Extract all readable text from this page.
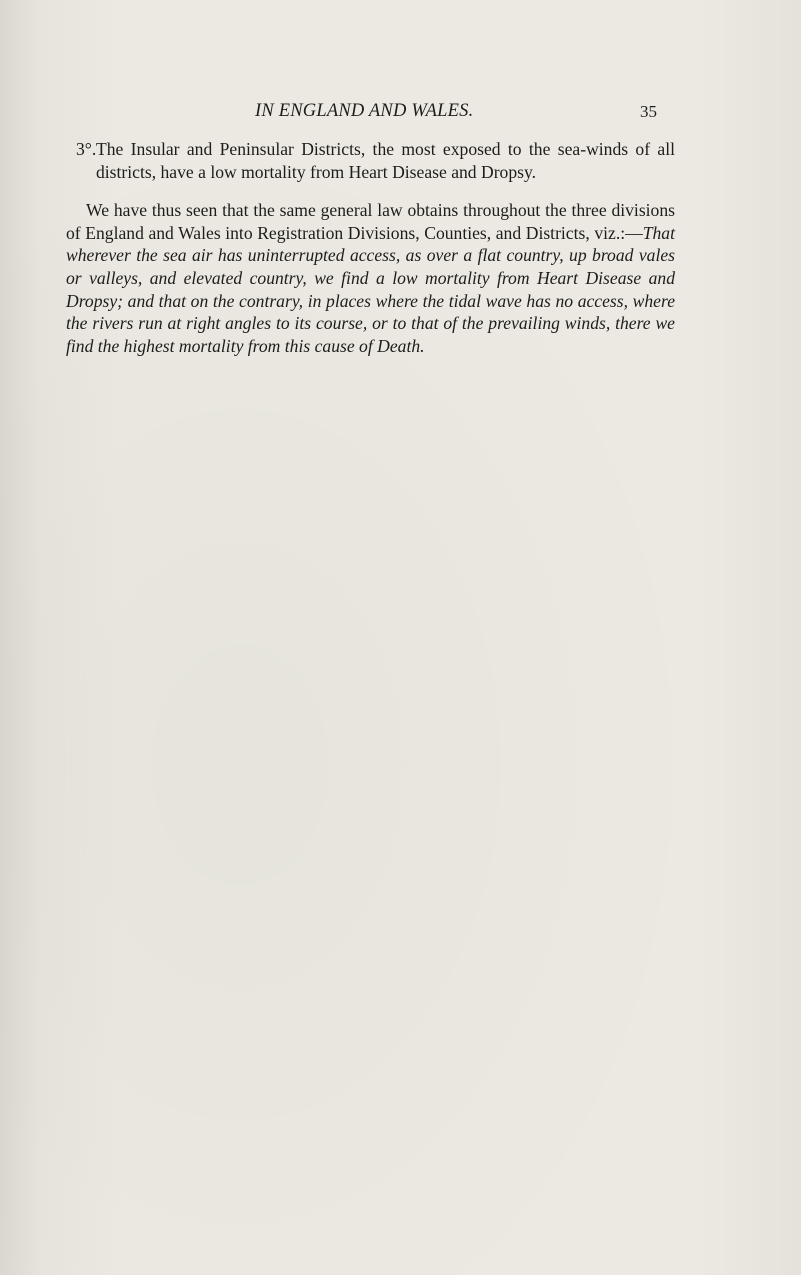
IN ENGLAND AND WALES.	35

3°.The Insular and Peninsular Districts, the most exposed to the sea-winds of all districts, have a low mortality from Heart Disease and Dropsy.

We have thus seen that the same general law obtains throughout the three divisions of England and Wales into Registration Divisions, Counties, and Districts, viz.:—That wherever the sea air has uninterrupted access, as over a flat country, up broad vales or valleys, and elevated country, we find a low mortality from Heart Disease and Dropsy; and that on the contrary, in places where the tidal wave has no access, where the rivers run at right angles to its course, or to that of the prevailing winds, there we find the highest mortality from this cause of Death.
